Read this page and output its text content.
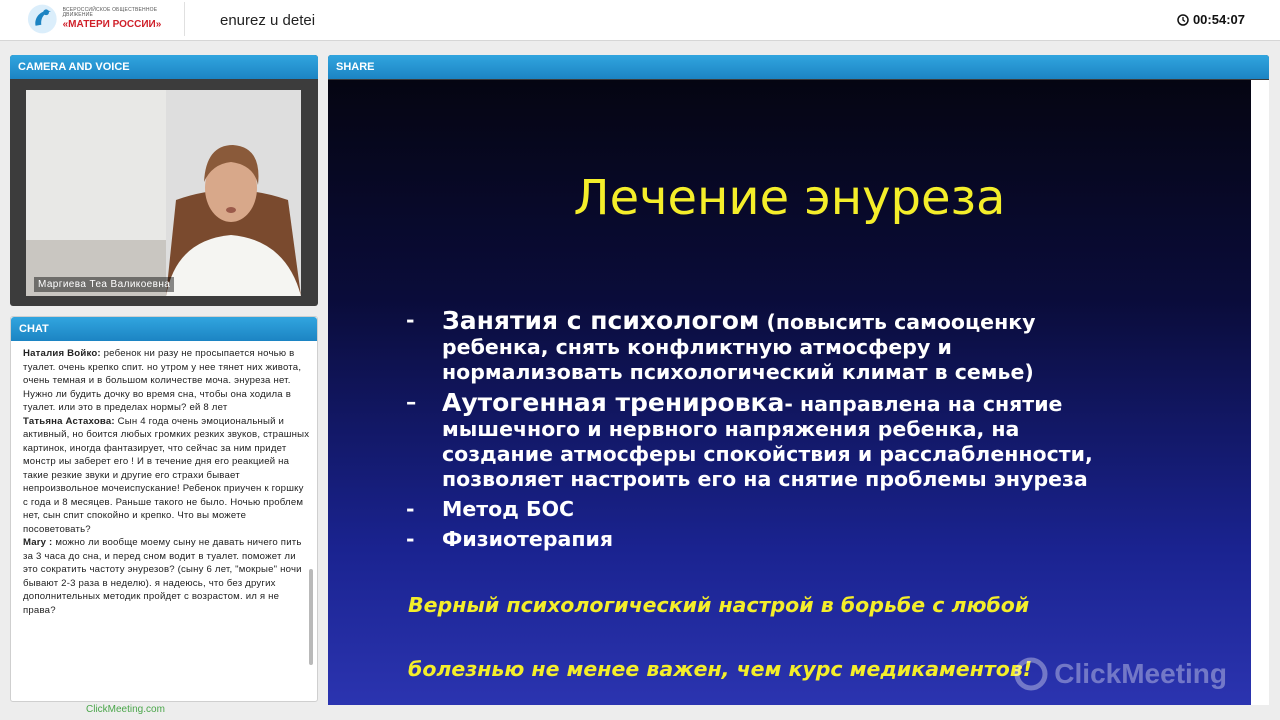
ВСЕРОССИЙСКОЕ ОБЩЕСТВЕННОЕ ДВИЖЕНИЕ
«МАТЕРИ РОССИИ»	enurez u detei	00:54:07
CAMERA AND VOICE
Маргиева Теа Валикоевна
SHARE
Лечение энуреза
- Занятия с психологом (повысить самооценку
ребенка, снять конфликтную атмосферу и
нормализовать психологический климат в семье)
– Аутогенная тренировка- направлена на снятие
мышечного и нервного напряжения ребенка, на
создание атмосферы спокойствия и расслабленности,
позволяет настроить его на снятие проблемы энуреза
- Метод БОС
- Физиотерапия
Верный психологический настрой в борьбе с любой
болезнью не менее важен, чем курс медикаментов! ClickMeeting
CHAT
Наталия Войко: ребенок ни разу не просыпается ночью в туалет. очень крепко спит. но утром у нее тянет них живота, очень темная и в большом количестве моча. энуреза нет. Нужно ли будить дочку во время сна, чтобы она ходила в туалет. или это в пределах нормы? ей 8 лет
Татьяна Астахова: Сын 4 года очень эмоциональный и активный, но боится любых громких резких звуков, страшных картинок, иногда фантазирует, что сейчас за ним придет монстр иы заберет его ! И в течение дня его реакцией на такие резкие звуки и другие его страхи бывает непроизвольное мочеиспускание! Ребенок приучен к горшку с года и 8 месяцев. Раньше такого не было. Ночью проблем нет, сын спит спокойно и крепко. Что вы можете посоветовать?
Mary : можно ли вообще моему сыну не давать ничего пить за 3 часа до сна, и перед сном водит в туалет. поможет ли это сократить частоту энурезов? (сыну 6 лет, "мокрые" ночи бывают 2-3 раза в неделю). я надеюсь, что без других дополнительных методик пройдет с возрастом. ил я не права?
ClickMeeting.com
